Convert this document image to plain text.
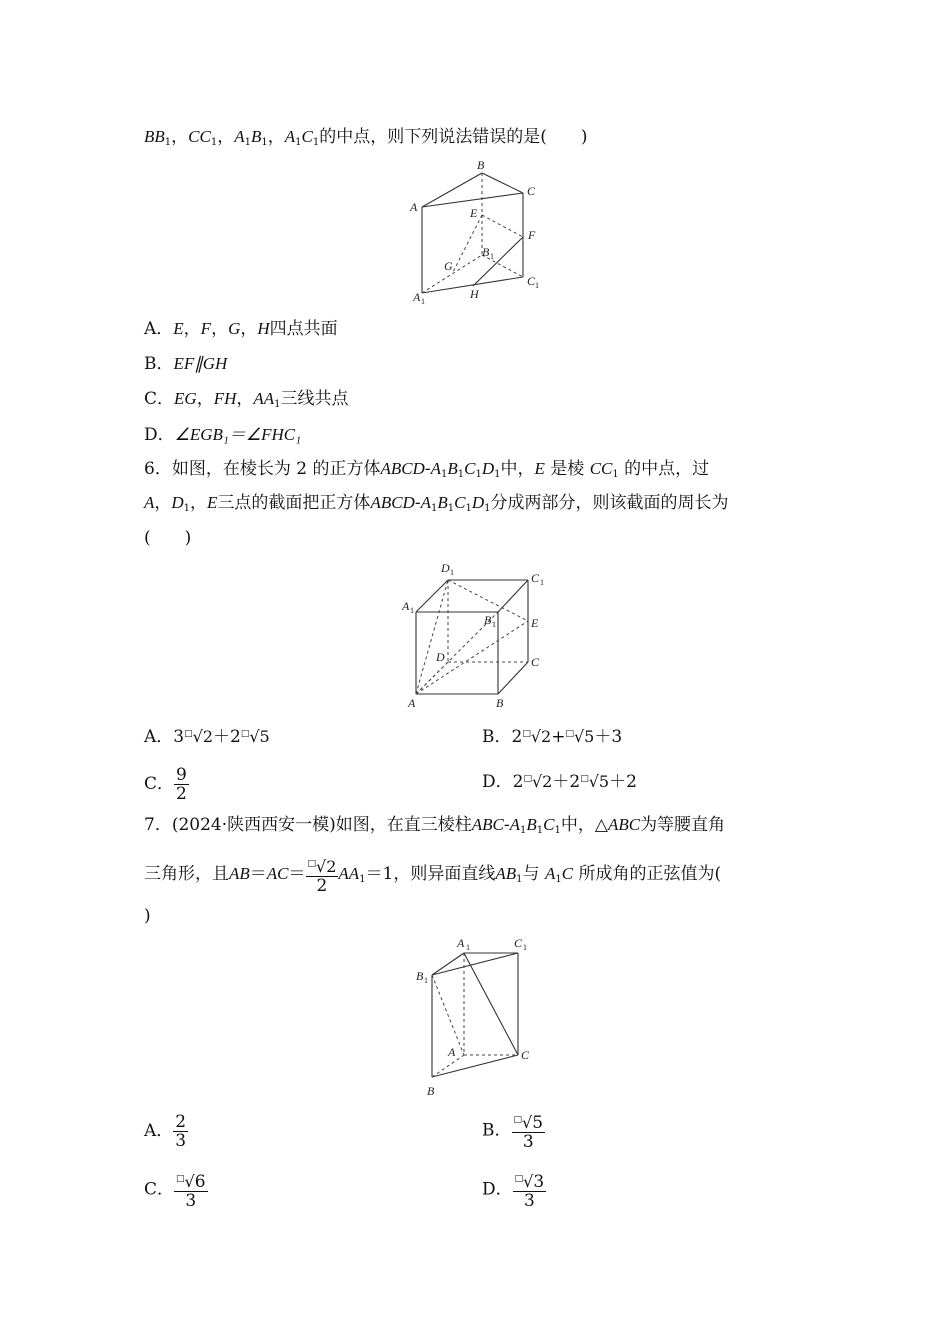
$BB_1$，$CC_1$，$A_1B_1$，$A_1C_1$的中点，则下列说法错误的是(　　)
B
C
A	E
F
B 1
G
C 1
A 1
H
A．E，F，G，H四点共面
B．EF∥GH
C．EG，FH，$AA_1$三线共点
D．∠EGB₁＝∠FHC₁
6．如图，在棱长为 2 的正方体ABCD-$A_1B_1C_1D_1$中，E 是棱 $CC_1$ 的中点，过
A，$D_1$，E三点的截面把正方体ABCD-$A_1B_1C_1D_1$分成两部分，则该截面的周长为
(　　)
D 1	C 1
A 1
B 1	E
D	C
A	B
A．3□√2＋2□√5	B．2□√2+□√5＋3
C． $\frac{9}{2}$	D．2□√2＋2□√5＋2
7．(2024·陕西西安一模)如图，在直三棱柱ABC-$A_1B_1C_1$中，△ABC为等腰直角
三角形，且$AB=AC= \frac{^□√2}{2} AA_1=1$，则异面直线$AB_1$与 $A_1C$ 所成角的正弦值为(
)
A 1	C 1
B 1
A	C
B
A． $\frac{2}{3}$	B． $\frac{^□√5}{3}$
C． $\frac{^□√6}{3}$	D． $\frac{^□√3}{3}$
